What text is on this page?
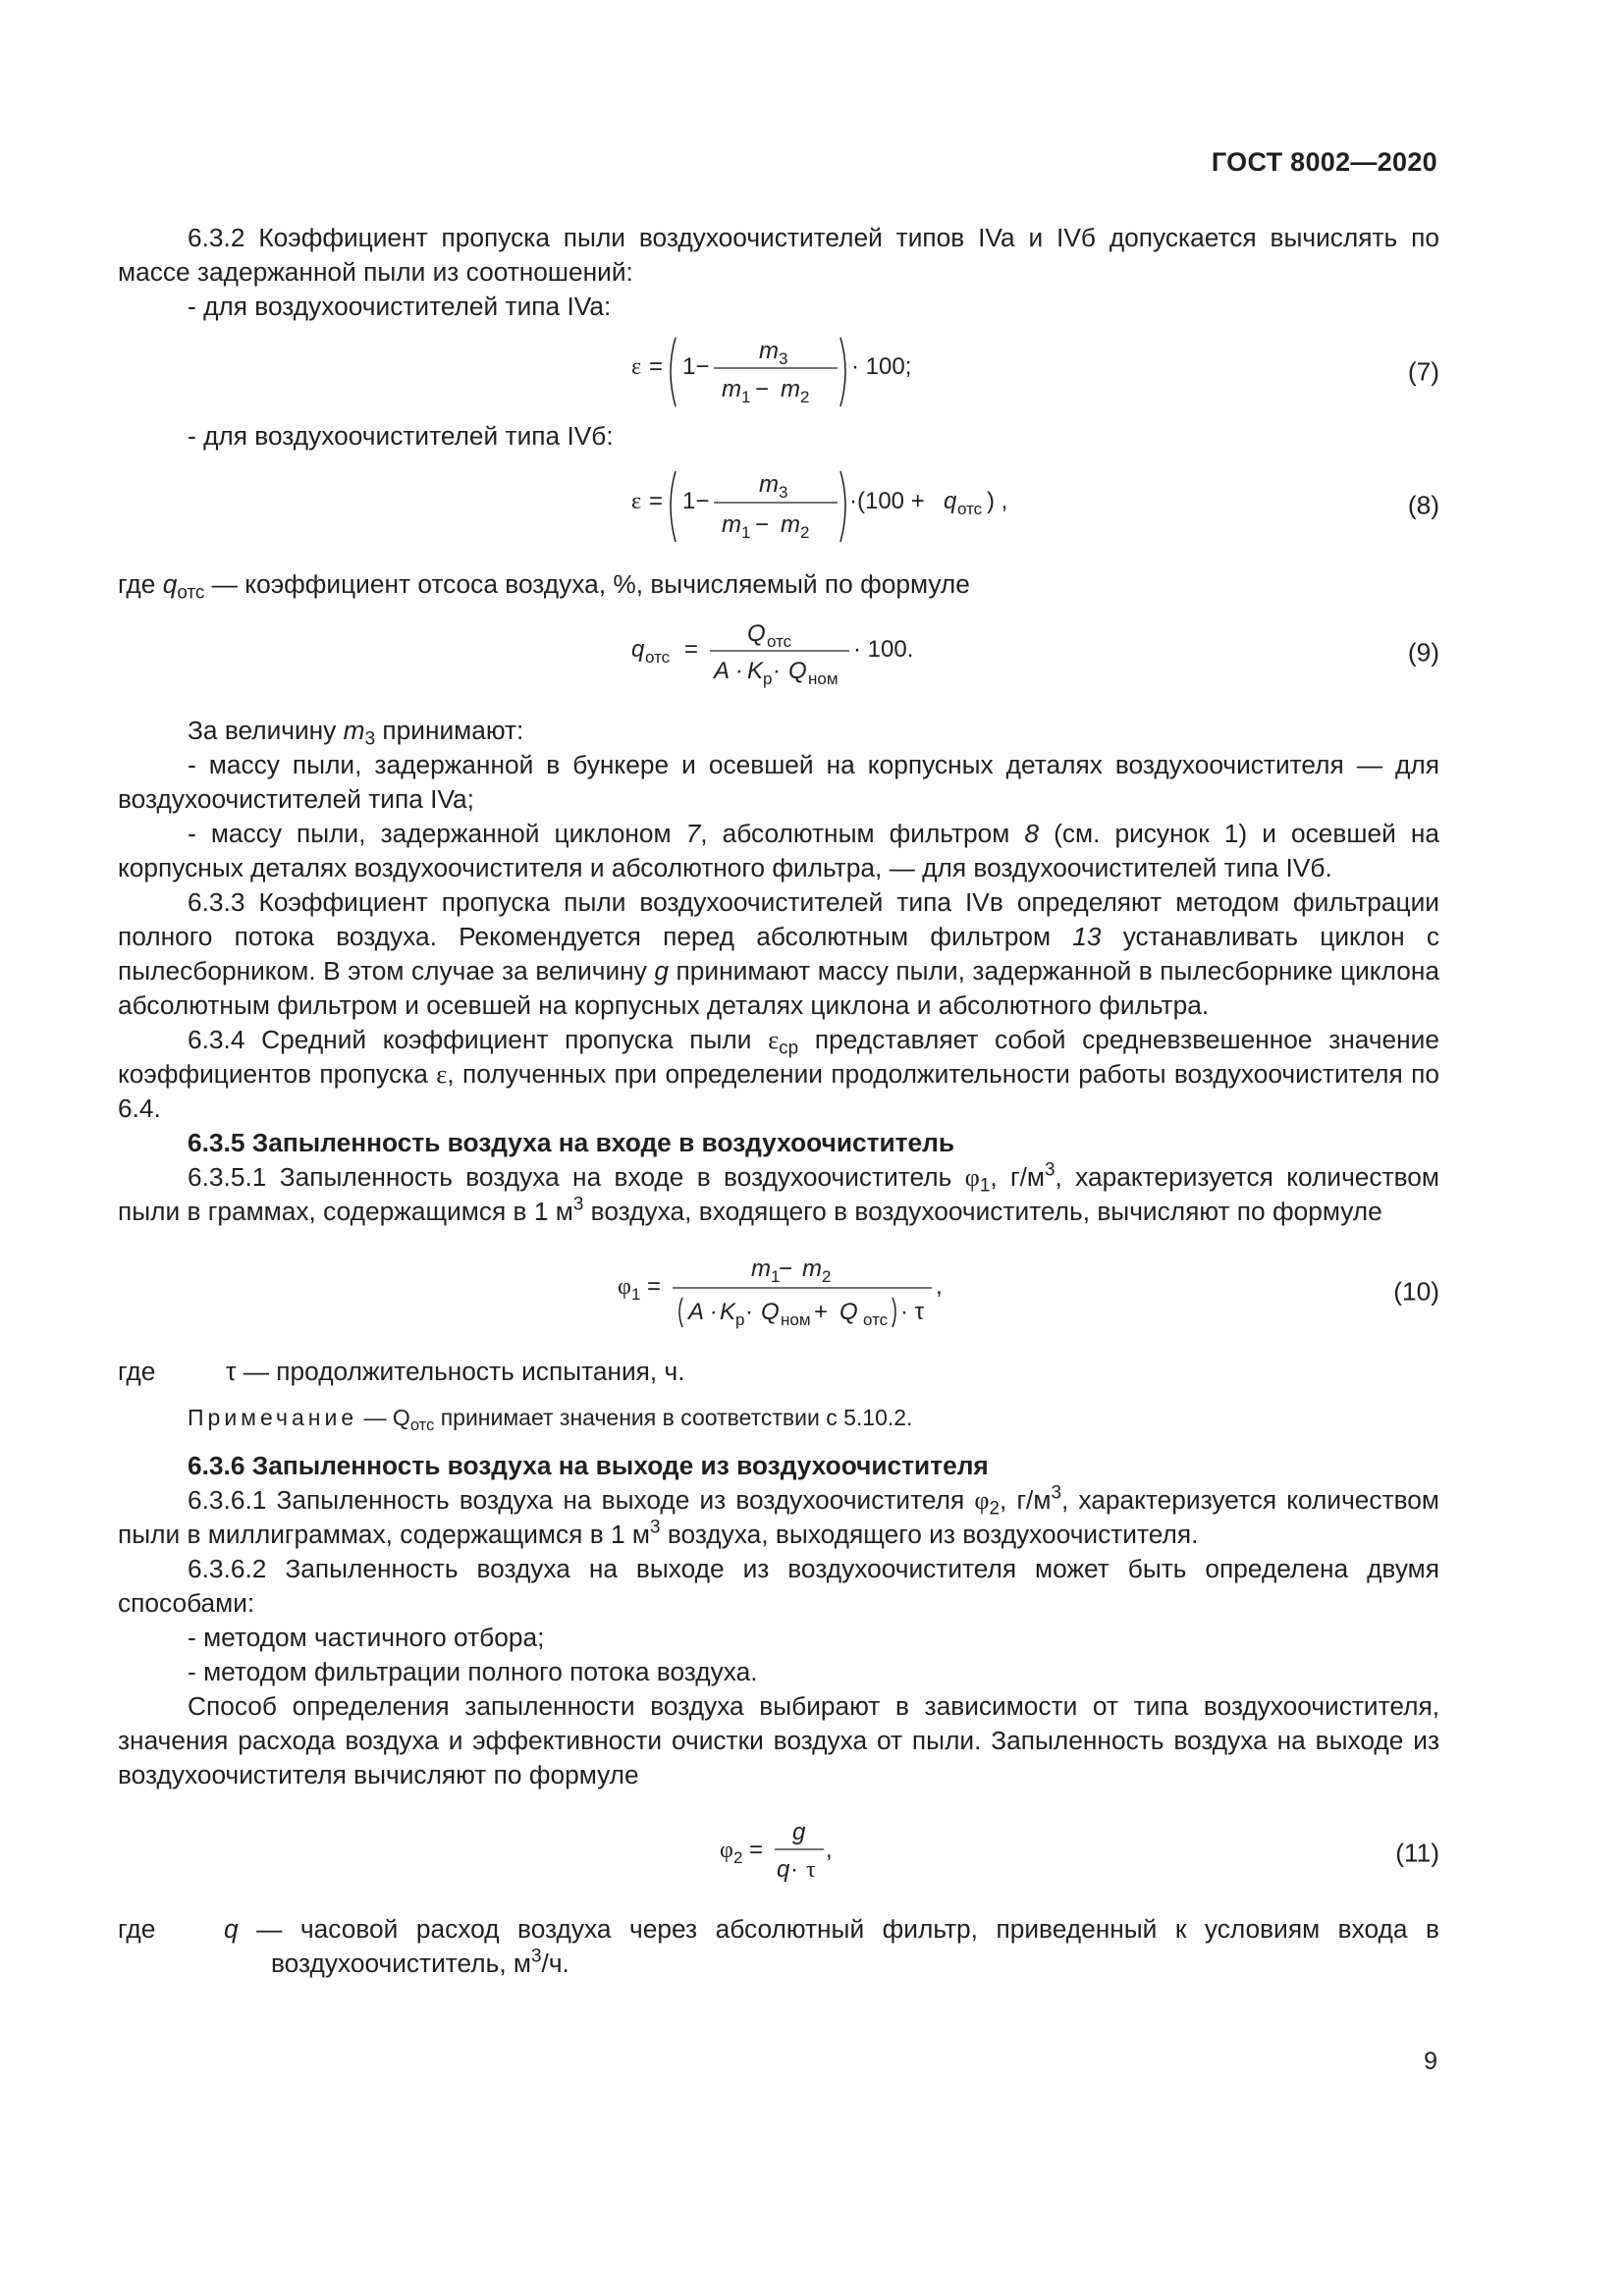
ГОСТ 8002—2020

6.3.2 Коэффициент пропуска пыли воздухоочистителей типов IVa и IVб допускается вычислять по массе задержанной пыли из соотношений:

- для воздухоочистителей типа IVa:

ε = 1−
m 3
m 1 − m 2
· 100;	(7)

- для воздухоочистителей типа IVб:

ε = 1−
m 3
m 1 − m 2
·(100 + q отс ) ,	(8)

где $q_{отс}$ — коэффициент отсоса воздуха, %, вычисляемый по формуле

q отс =
Q отс
A · K р · Q ном
· 100.	(9)

За величину $m_3$ принимают:

- массу пыли, задержанной в бункере и осевшей на корпусных деталях воздухоочистителя — для воздухоочистителей типа IVa;

- массу пыли, задержанной циклоном 7, абсолютным фильтром 8 (см. рисунок 1) и осевшей на корпусных деталях воздухоочистителя и абсолютного фильтра, — для воздухоочистителей типа IVб.

6.3.3 Коэффициент пропуска пыли воздухоочистителей типа IVв определяют методом фильтрации полного потока воздуха. Рекомендуется перед абсолютным фильтром 13 устанавливать циклон с пылесборником. В этом случае за величину g принимают массу пыли, задержанной в пылесборнике циклона абсолютным фильтром и осевшей на корпусных деталях циклона и абсолютного фильтра.

6.3.4 Средний коэффициент пропуска пыли $\varepsilon_{ср}$ представляет собой средневзвешенное значение коэффициентов пропуска ε, полученных при определении продолжительности работы воздухоочистителя по 6.4.

6.3.5 Запыленность воздуха на входе в воздухоочиститель

6.3.5.1 Запыленность воздуха на входе в воздухоочиститель $\varphi_1$, $г/м^3$, характеризуется количеством пыли в граммах, содержащимся в 1 $м^3$ воздуха, входящего в воздухоочиститель, вычисляют по формуле

φ 1 =
m 1
− m 2
A · K р · Q ном + Q отс · τ
,	(10)

где	τ — продолжительность испытания, ч.

Примечание — $Q_{отс}$ принимает значения в соответствии с 5.10.2.

6.3.6 Запыленность воздуха на выходе из воздухоочистителя

6.3.6.1 Запыленность воздуха на выходе из воздухоочистителя $\varphi_2$, $г/м^3$, характеризуется количеством пыли в миллиграммах, содержащимся в 1 $м^3$ воздуха, выходящего из воздухоочистителя.

6.3.6.2 Запыленность воздуха на выходе из воздухоочистителя может быть определена двумя способами:

- методом частичного отбора;

- методом фильтрации полного потока воздуха.

Способ определения запыленности воздуха выбирают в зависимости от типа воздухоочистителя, значения расхода воздуха и эффективности очистки воздуха от пыли. Запыленность воздуха на выходе из воздухоочистителя вычисляют по формуле

φ 2 =
g
q · τ
,	(11)

где	q — часовой расход воздуха через абсолютный фильтр, приведенный к условиям входа в воздухоочиститель, $м^3/ч$.

9
